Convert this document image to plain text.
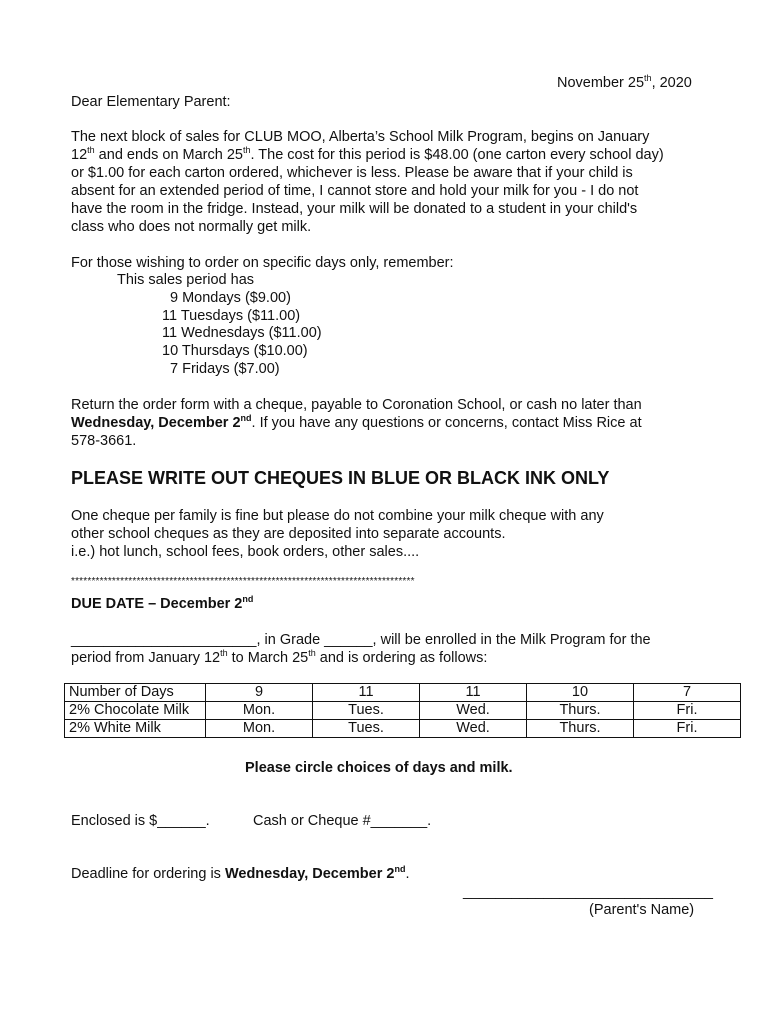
November 25th, 2020
Dear Elementary Parent:
The next block of sales for CLUB MOO, Alberta’s School Milk Program, begins on January
12th and ends on March 25th. The cost for this period is $48.00 (one carton every school day)
or $1.00 for each carton ordered, whichever is less. Please be aware that if your child is
absent for an extended period of time, I cannot store and hold your milk for you - I do not
have the room in the fridge. Instead, your milk will be donated to a student in your child's
class who does not normally get milk.
For those wishing to order on specific days only, remember:
This sales period has
9 Mondays ($9.00)
11 Tuesdays ($11.00)
11 Wednesdays ($11.00)
10 Thursdays ($10.00)
7 Fridays ($7.00)
Return the order form with a cheque, payable to Coronation School, or cash no later than
Wednesday, December 2nd. If you have any questions or concerns, contact Miss Rice at
578-3661.
PLEASE WRITE OUT CHEQUES IN BLUE OR BLACK INK ONLY
One cheque per family is fine but please do not combine your milk cheque with any
other school cheques as they are deposited into separate accounts.
i.e.) hot lunch, school fees, book orders, other sales....
************************************************************************************
DUE DATE – December 2nd
_______________________, in Grade ______, will be enrolled in the Milk Program for the
period from January 12th to March 25th and is ordering as follows:
Number of Days	9	11	11	10	7
2% Chocolate Milk	Mon.	Tues.	Wed.	Thurs.	Fri.
2% White Milk	Mon.	Tues.	Wed.	Thurs.	Fri.
Please circle choices of days and milk.
Enclosed is $______.	Cash or Cheque #_______.
Deadline for ordering is Wednesday, December 2nd.
_______________________________
(Parent's Name)
